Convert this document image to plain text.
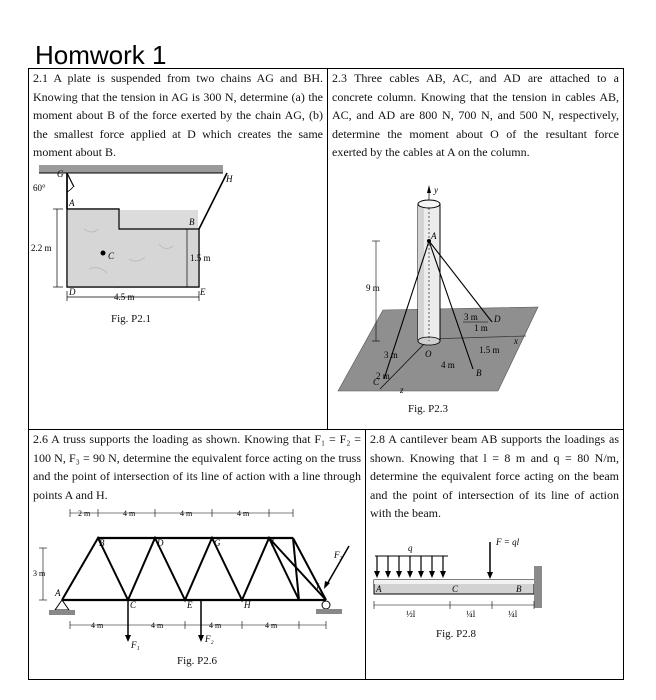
Homwork 1
2.1 A plate is suspended from two chains AG and BH. Knowing that the tension in AG is 300 N, determine (a) the moment about B of the force exerted by the chain AG, (b) the smallest force applied at D which creates the same moment about B.
60°
G	H
A
B
C
D	E
2.2 m
1.5 m
4.5 m
Fig. P2.1
2.3 Three cables AB, AC, and AD are attached to a concrete column. Knowing that the tension in cables AB, AC, and AD are 800 N, 700 N, and 500 N, respectively, determine the moment about O of the resultant force exerted by the cables at A on the column.
y
x
z
A
O
B
C
D
9 m
3 m
1 m
1.5 m
4 m
3 m
2 m
Fig. P2.3
2.6 A truss supports the loading as shown. Knowing that F₁ = F₂ = 100 N, F₃ = 90 N, determine the equivalent force acting on the truss and the point of intersection of its line of action with a line through points A and H.
2 m	4 m	4 m	4 m
3 m
4 m	4 m	4 m	4 m
A
B
C
D
E
G
H
I
J
F₁
F₂
F₃
Fig. P2.6
2.8 A cantilever beam AB supports the loadings as shown. Knowing that l = 8 m and q = 80 N/m, determine the equivalent force acting on the beam and the point of intersection of its line of action with the beam.
F = ql
q
A	C	B
½l	¼l	¼l
Fig. P2.8
